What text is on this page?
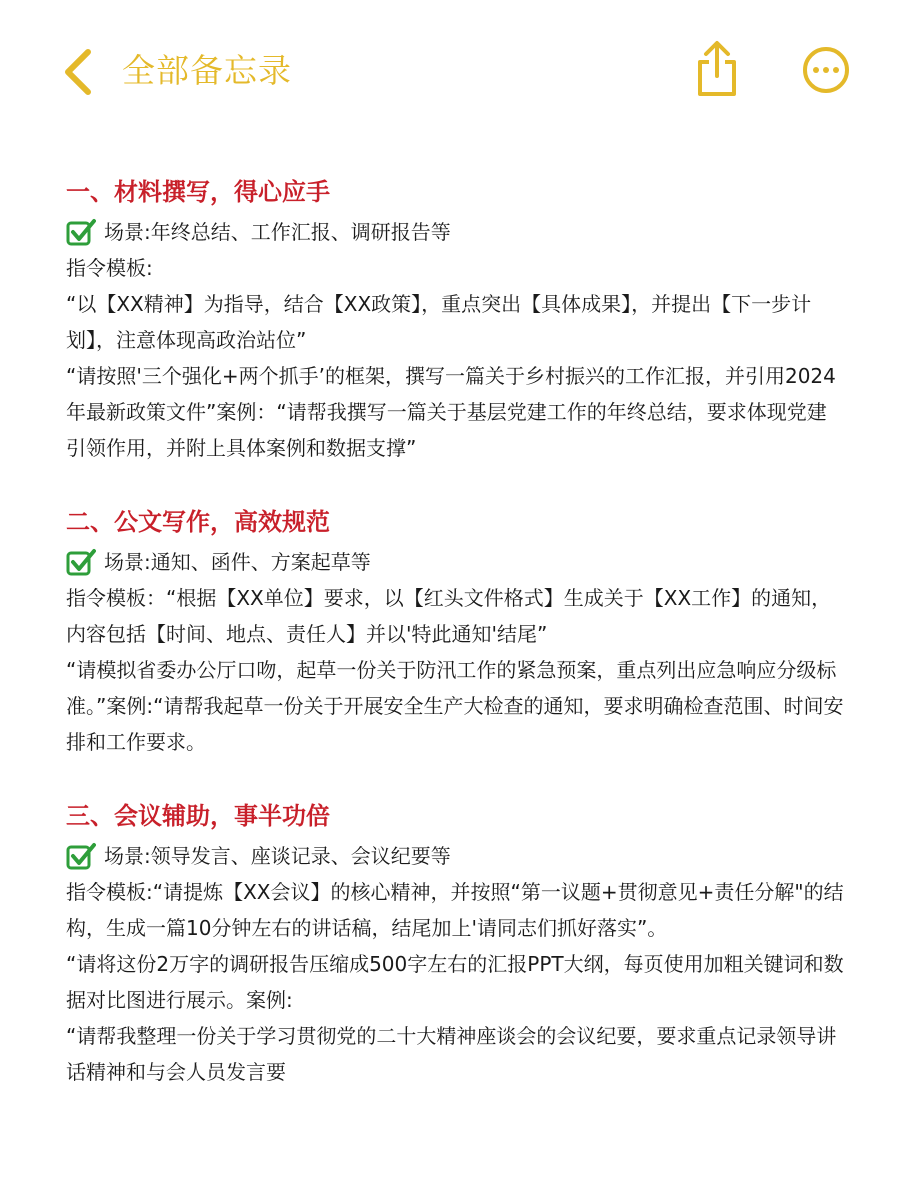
全部备忘录
一、材料撰写，得心应手
场景:年终总结、工作汇报、调研报告等

指令模板:

“以【XX精神】为指导，结合【XX政策】，重点突出【具体成果】，并提出【下一步计划】，注意体现高政治站位”

“请按照'三个强化+两个抓手’的框架，撰写一篇关于乡村振兴的工作汇报，并引用2024年最新政策文件”案例：“请帮我撰写一篇关于基层党建工作的年终总结，要求体现党建引领作用，并附上具体案例和数据支撑”

二、公文写作，高效规范
场景:通知、函件、方案起草等

指令模板：“根据【XX单位】要求，以【红头文件格式】生成关于【XX工作】的通知，内容包括【时间、地点、责任人】并以'特此通知'结尾”

“请模拟省委办公厅口吻，起草一份关于防汛工作的紧急预案，重点列出应急响应分级标准。”案例:“请帮我起草一份关于开展安全生产大检查的通知，要求明确检查范围、时间安排和工作要求。

三、会议辅助，事半功倍
场景:领导发言、座谈记录、会议纪要等

指令模板:“请提炼【XX会议】的核心精神，并按照“第一议题+贯彻意见+责任分解"的结构，生成一篇10分钟左右的讲话稿，结尾加上'请同志们抓好落实”。

“请将这份2万字的调研报告压缩成500字左右的汇报PPT大纲，每页使用加粗关键词和数据对比图进行展示。案例:

“请帮我整理一份关于学习贯彻党的二十大精神座谈会的会议纪要，要求重点记录领导讲话精神和与会人员发言要
